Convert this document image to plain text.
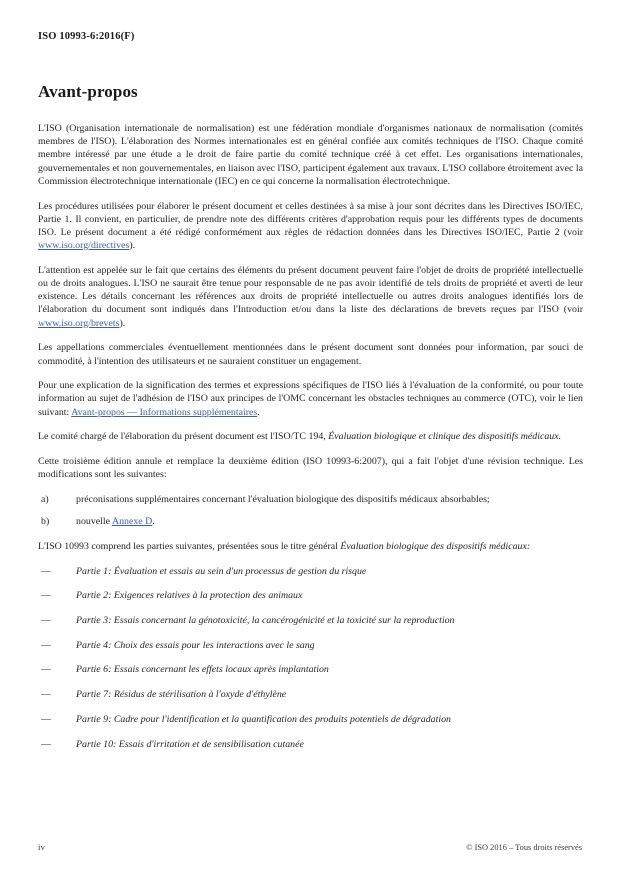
ISO 10993-6:2016(F)
Avant-propos

L'ISO (Organisation internationale de normalisation) est une fédération mondiale d'organismes nationaux de normalisation (comités membres de l'ISO). L'élaboration des Normes internationales est en général confiée aux comités techniques de l'ISO. Chaque comité membre intéressé par une étude a le droit de faire partie du comité technique créé à cet effet. Les organisations internationales, gouvernementales et non gouvernementales, en liaison avec l'ISO, participent également aux travaux. L'ISO collabore étroitement avec la Commission électrotechnique internationale (IEC) en ce qui concerne la normalisation électrotechnique.

Les procédures utilisées pour élaborer le présent document et celles destinées à sa mise à jour sont décrites dans les Directives ISO/IEC, Partie 1. Il convient, en particulier, de prendre note des différents critères d'approbation requis pour les différents types de documents ISO. Le présent document a été rédigé conformément aux règles de rédaction données dans les Directives ISO/IEC, Partie 2 (voir www.iso.org/directives).

L'attention est appelée sur le fait que certains des éléments du présent document peuvent faire l'objet de droits de propriété intellectuelle ou de droits analogues. L'ISO ne saurait être tenue pour responsable de ne pas avoir identifié de tels droits de propriété et averti de leur existence. Les détails concernant les références aux droits de propriété intellectuelle ou autres droits analogues identifiés lors de l'élaboration du document sont indiqués dans l'Introduction et/ou dans la liste des déclarations de brevets reçues par l'ISO (voir www.iso.org/brevets).

Les appellations commerciales éventuellement mentionnées dans le présent document sont données pour information, par souci de commodité, à l'intention des utilisateurs et ne sauraient constituer un engagement.

Pour une explication de la signification des termes et expressions spécifiques de l'ISO liés à l'évaluation de la conformité, ou pour toute information au sujet de l'adhésion de l'ISO aux principes de l'OMC concernant les obstacles techniques au commerce (OTC), voir le lien suivant: Avant-propos — Informations supplémentaires.

Le comité chargé de l'élaboration du présent document est l'ISO/TC 194, Évaluation biologique et clinique des dispositifs médicaux.

Cette troisième édition annule et remplace la deuxième édition (ISO 10993-6:2007), qui a fait l'objet d'une révision technique. Les modifications sont les suivantes:

a)	préconisations supplémentaires concernant l'évaluation biologique des dispositifs médicaux absorbables;
b)	nouvelle Annexe D.

L'ISO 10993 comprend les parties suivantes, présentées sous le titre général Évaluation biologique des dispositifs médicaux:

—	Partie 1: Évaluation et essais au sein d'un processus de gestion du risque
—	Partie 2: Exigences relatives à la protection des animaux
—	Partie 3: Essais concernant la génotoxicité, la cancérogénicité et la toxicité sur la reproduction
—	Partie 4: Choix des essais pour les interactions avec le sang
—	Partie 6: Essais concernant les effets locaux après implantation
—	Partie 7: Résidus de stérilisation à l'oxyde d'éthylène
—	Partie 9: Cadre pour l'identification et la quantification des produits potentiels de dégradation
—	Partie 10: Essais d'irritation et de sensibilisation cutanée
iv	© ISO 2016 – Tous droits réservés
